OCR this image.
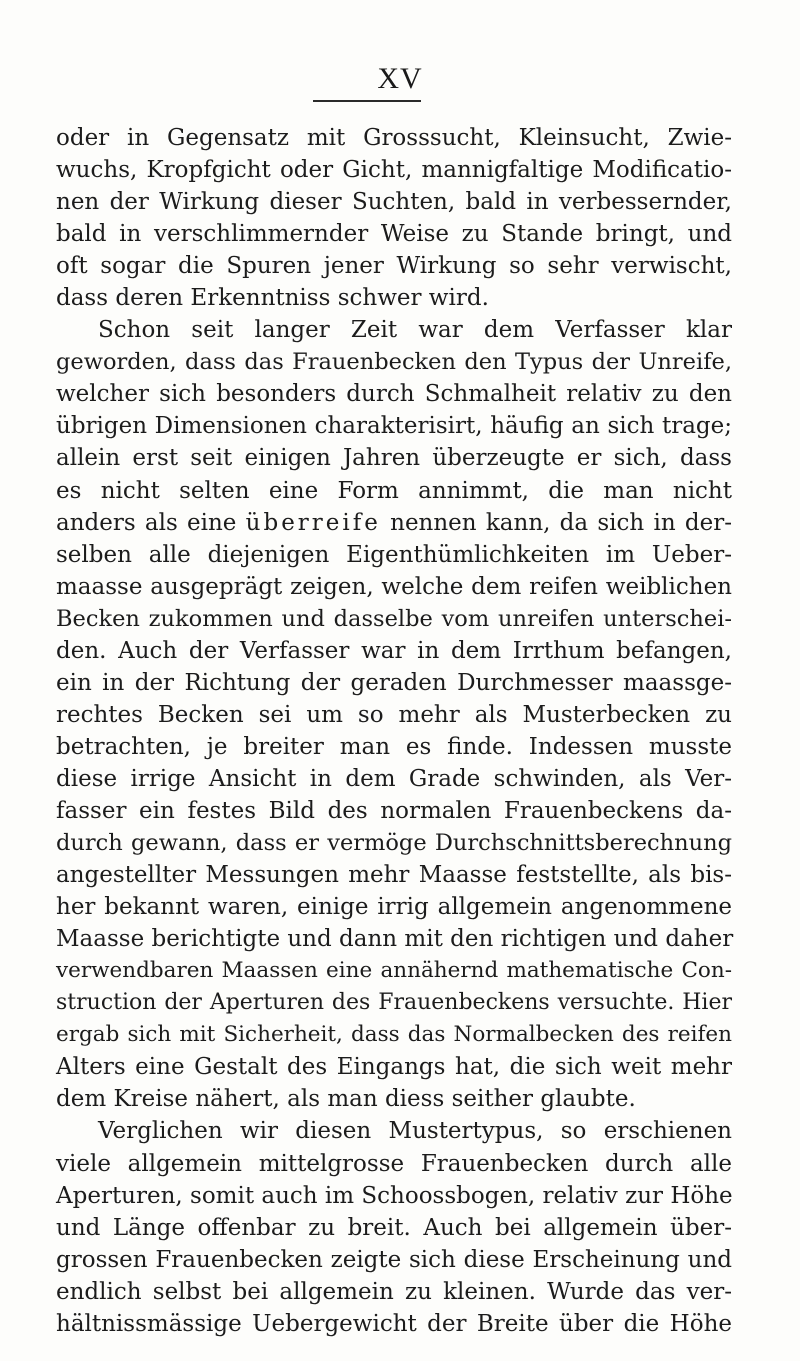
XV
oder in Gegensatz mit Grosssucht, Kleinsucht, Zwie-
wuchs, Kropfgicht oder Gicht, mannigfaltige Modificatio-
nen der Wirkung dieser Suchten, bald in verbessernder,
bald in verschlimmernder Weise zu Stande bringt, und
oft sogar die Spuren jener Wirkung so sehr verwischt,
dass deren Erkenntniss schwer wird.
Schon seit langer Zeit war dem Verfasser klar
geworden, dass das Frauenbecken den Typus der Unreife,
welcher sich besonders durch Schmalheit relativ zu den
übrigen Dimensionen charakterisirt, häufig an sich trage;
allein erst seit einigen Jahren überzeugte er sich, dass
es nicht selten eine Form annimmt, die man nicht
anders als eine überreife nennen kann, da sich in der-
selben alle diejenigen Eigenthümlichkeiten im Ueber-
maasse ausgeprägt zeigen, welche dem reifen weiblichen
Becken zukommen und dasselbe vom unreifen unterschei-
den. Auch der Verfasser war in dem Irrthum befangen,
ein in der Richtung der geraden Durchmesser maassge-
rechtes Becken sei um so mehr als Musterbecken zu
betrachten, je breiter man es finde. Indessen musste
diese irrige Ansicht in dem Grade schwinden, als Ver-
fasser ein festes Bild des normalen Frauenbeckens da-
durch gewann, dass er vermöge Durchschnittsberechnung
angestellter Messungen mehr Maasse feststellte, als bis-
her bekannt waren, einige irrig allgemein angenommene
Maasse berichtigte und dann mit den richtigen und daher
verwendbaren Maassen eine annähernd mathematische Con-
struction der Aperturen des Frauenbeckens versuchte. Hier
ergab sich mit Sicherheit, dass das Normalbecken des reifen
Alters eine Gestalt des Eingangs hat, die sich weit mehr
dem Kreise nähert, als man diess seither glaubte.
Verglichen wir diesen Mustertypus, so erschienen
viele allgemein mittelgrosse Frauenbecken durch alle
Aperturen, somit auch im Schoossbogen, relativ zur Höhe
und Länge offenbar zu breit. Auch bei allgemein über-
grossen Frauenbecken zeigte sich diese Erscheinung und
endlich selbst bei allgemein zu kleinen. Wurde das ver-
hältnissmässige Uebergewicht der Breite über die Höhe
